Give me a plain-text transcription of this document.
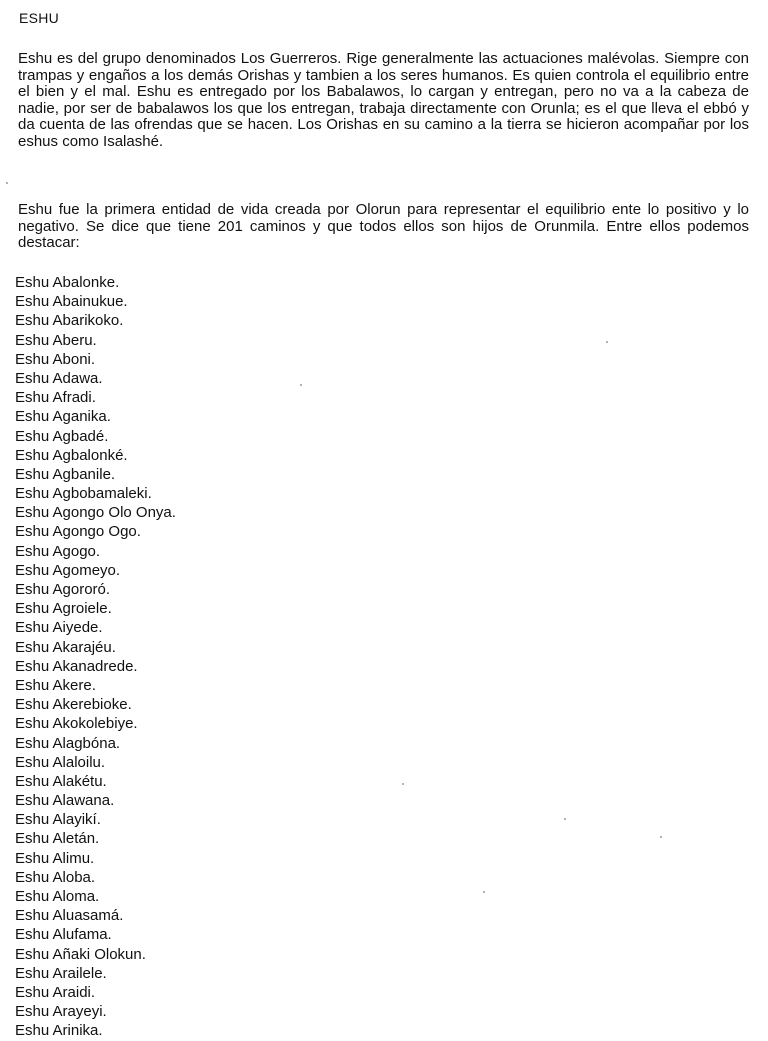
ESHU

Eshu es del grupo denominados Los Guerreros. Rige generalmente las actuaciones malévolas. Siempre con trampas y engaños a los demás Orishas y tambien a los seres humanos. Es quien controla el equilibrio entre el bien y el mal. Eshu es entregado por los Babalawos, lo cargan y entregan, pero no va a la cabeza de nadie, por ser de babalawos los que los entregan, trabaja directamente con Orunla; es el que lleva el ebbó y da cuenta de las ofrendas que se hacen. Los Orishas en su camino a la tierra se hicieron acompañar por los eshus como Isalashé.

Eshu fue la primera entidad de vida creada por Olorun para representar el equilibrio ente lo positivo y lo negativo. Se dice que tiene 201 caminos y que todos ellos son hijos de Orunmila. Entre ellos podemos destacar:

Eshu Abalonke.
Eshu Abainukue.
Eshu Abarikoko.
Eshu Aberu.
Eshu Aboni.
Eshu Adawa.
Eshu Afradi.
Eshu Aganika.
Eshu Agbadé.
Eshu Agbalonké.
Eshu Agbanile.
Eshu Agbobamaleki.
Eshu Agongo Olo Onya.
Eshu Agongo Ogo.
Eshu Agogo.
Eshu Agomeyo.
Eshu Agororó.
Eshu Agroiele.
Eshu Aiyede.
Eshu Akarajéu.
Eshu Akanadrede.
Eshu Akere.
Eshu Akerebioke.
Eshu Akokolebiye.
Eshu Alagbóna.
Eshu Alaloilu.
Eshu Alakétu.
Eshu Alawana.
Eshu Alayikí.
Eshu Aletán.
Eshu Alimu.
Eshu Aloba.
Eshu Aloma.
Eshu Aluasamá.
Eshu Alufama.
Eshu Añaki Olokun.
Eshu Arailele.
Eshu Araidi.
Eshu Arayeyi.
Eshu Arinika.
